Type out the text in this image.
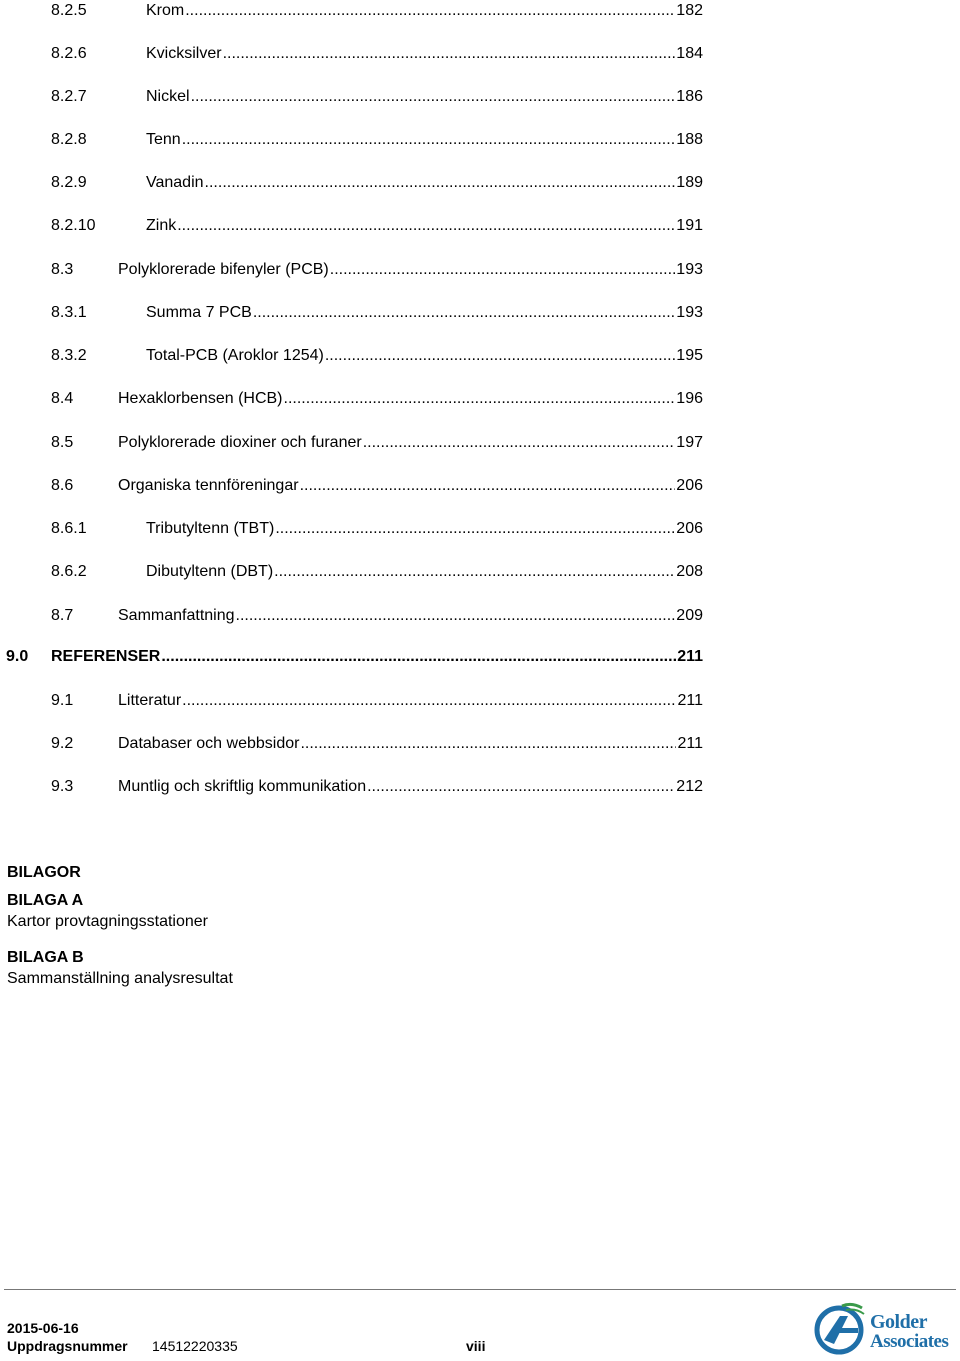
8.2.5	Krom .....	182
8.2.6	Kvicksilver .....	184
8.2.7	Nickel .....	186
8.2.8	Tenn .....	188
8.2.9	Vanadin .....	189
8.2.10	Zink .....	191
8.3	Polyklorerade bifenyler (PCB) .....	193
8.3.1	Summa 7 PCB .....	193
8.3.2	Total-PCB (Aroklor 1254) .....	195
8.4	Hexaklorbensen (HCB) .....	196
8.5	Polyklorerade dioxiner och furaner .....	197
8.6	Organiska tennföreningar .....	206
8.6.1	Tributyltenn (TBT) .....	206
8.6.2	Dibutyltenn (DBT) .....	208
8.7	Sammanfattning .....	209
9.0 REFERENSER .....	211
9.1	Litteratur .....	211
9.2	Databaser och webbsidor .....	211
9.3	Muntlig och skriftlig kommunikation .....	212
BILAGOR
BILAGA A
Kartor provtagningsstationer
BILAGA B
Sammanställning analysresultat
2015-06-16
Uppdragsnummer 14512220335	viii
Golder
Associates
